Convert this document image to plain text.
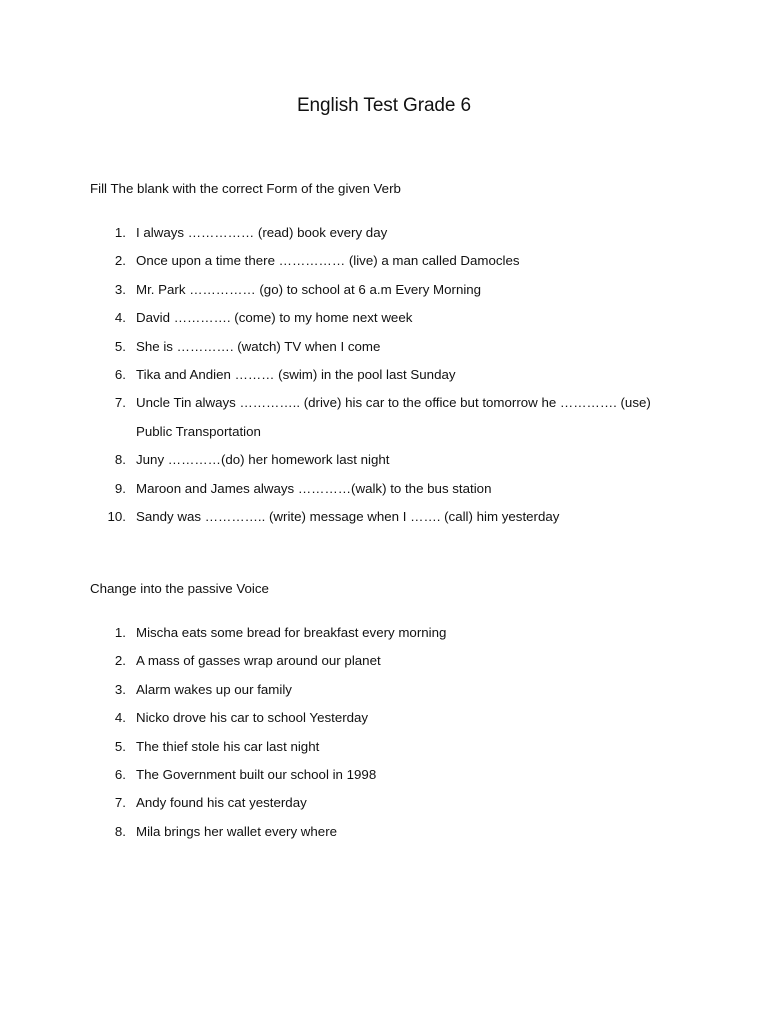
English Test Grade 6
Fill The blank with the correct Form of the given Verb
1. I always …………… (read) book every day
2. Once upon a time there …………… (live) a man called Damocles
3. Mr. Park …………… (go) to school at 6 a.m Every Morning
4. David …………. (come) to my home next week
5. She is …………. (watch) TV when I come
6. Tika and Andien ……… (swim) in the pool last Sunday
7. Uncle Tin always ………….. (drive) his car to the office but tomorrow he …………. (use)
Public Transportation
8. Juny …………(do) her homework last night
9. Maroon and James always …………(walk) to the bus station
10. Sandy was ………….. (write) message when I ……. (call) him yesterday
Change into the passive Voice
1. Mischa eats some bread for breakfast every morning
2. A mass of gasses wrap around our planet
3. Alarm wakes up our family
4. Nicko drove his car to school Yesterday
5. The thief stole his car last night
6. The Government built our school in 1998
7. Andy found his cat yesterday
8. Mila brings her wallet every where
